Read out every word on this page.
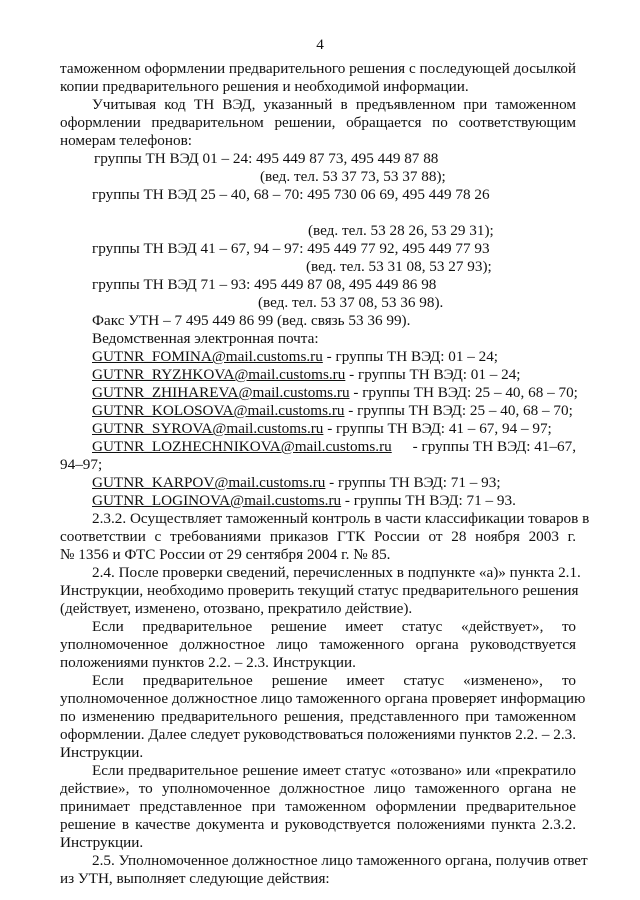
4
таможенном оформлении предварительного решения с последующей досылкой
копии предварительного решения и необходимой информации.
Учитывая код ТН ВЭД, указанный в предъявленном при таможенном
оформлении предварительном решении, обращается по соответствующим
номерам телефонов:
группы ТН ВЭД 01 – 24: 495 449 87 73, 495 449 87 88
(вед. тел. 53 37 73, 53 37 88);
группы ТН ВЭД 25 – 40, 68 – 70: 495 730 06 69, 495 449 78 26
(вед. тел. 53 28 26, 53 29 31);
группы ТН ВЭД 41 – 67, 94 – 97: 495 449 77 92, 495 449 77 93
(вед. тел. 53 31 08, 53 27 93);
группы ТН ВЭД 71 – 93: 495 449 87 08, 495 449 86 98
(вед. тел. 53 37 08, 53 36 98).
Факс УТН – 7 495 449 86 99 (вед. связь 53 36 99).
Ведомственная электронная почта:
GUTNR_FOMINA@mail.customs.ru - группы ТН ВЭД: 01 – 24;
GUTNR_RYZHKOVA@mail.customs.ru - группы ТН ВЭД: 01 – 24;
GUTNR_ZHIHAREVA@mail.customs.ru - группы ТН ВЭД: 25 – 40, 68 – 70;
GUTNR_KOLOSOVA@mail.customs.ru - группы ТН ВЭД: 25 – 40, 68 – 70;
GUTNR_SYROVA@mail.customs.ru - группы ТН ВЭД: 41 – 67, 94 – 97;
GUTNR_LOZHECHNIKOVA@mail.customs.ru - группы ТН ВЭД: 41–67,
94–97;
GUTNR_KARPOV@mail.customs.ru - группы ТН ВЭД: 71 – 93;
GUTNR_LOGINOVA@mail.customs.ru - группы ТН ВЭД: 71 – 93.
2.3.2. Осуществляет таможенный контроль в части классификации товаров в
соответствии с требованиями приказов ГТК России от 28 ноября 2003 г.
№ 1356 и ФТС России от 29 сентября 2004 г. № 85.
2.4. После проверки сведений, перечисленных в подпункте «а)» пункта 2.1.
Инструкции, необходимо проверить текущий статус предварительного решения
(действует, изменено, отозвано, прекратило действие).
Если предварительное решение имеет статус «действует», то
уполномоченное должностное лицо таможенного органа руководствуется
положениями пунктов 2.2. – 2.3. Инструкции.
Если предварительное решение имеет статус «изменено», то
уполномоченное должностное лицо таможенного органа проверяет информацию
по изменению предварительного решения, представленного при таможенном
оформлении. Далее следует руководствоваться положениями пунктов 2.2. – 2.3.
Инструкции.
Если предварительное решение имеет статус «отозвано» или «прекратило
действие», то уполномоченное должностное лицо таможенного органа не
принимает представленное при таможенном оформлении предварительное
решение в качестве документа и руководствуется положениями пункта 2.3.2.
Инструкции.
2.5. Уполномоченное должностное лицо таможенного органа, получив ответ
из УТН, выполняет следующие действия:
